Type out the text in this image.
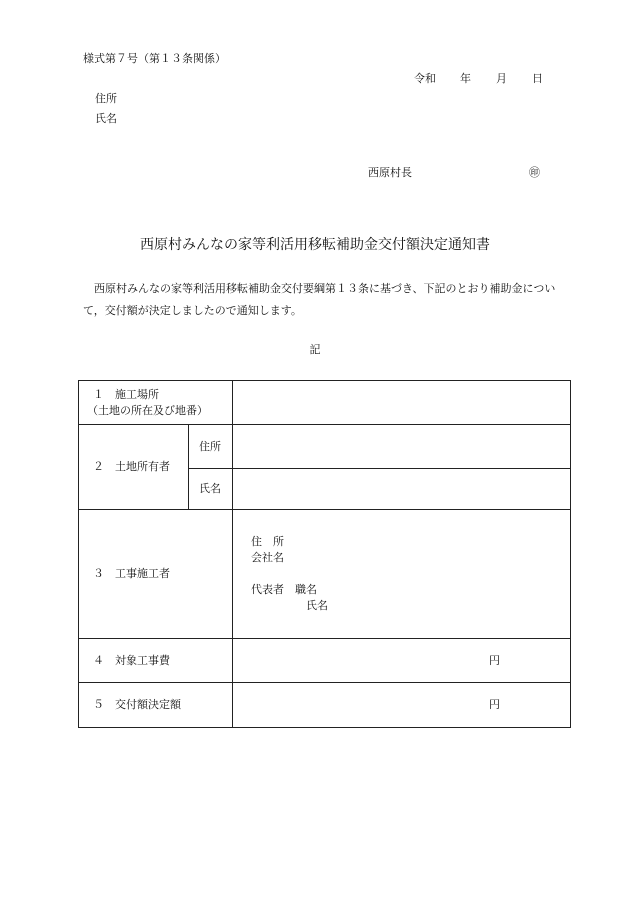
様式第７号（第１３条関係）
令和 年 月 日
住所
氏名
西原村長	㊞
西原村みんなの家等利活用移転補助金交付額決定通知書
西原村みんなの家等利活用移転補助金交付要綱第１３条に基づき、下記のとおり補助金について，交付額が決定しましたので通知します。
記
１ 施工場所
（土地の所在及び地番）		

２ 土地所有者	住所	
	氏名	
３ 工事施工者		住　所
会社名
代表者　職名
氏名

４ 対象工事費		円
５ 交付額決定額		円
